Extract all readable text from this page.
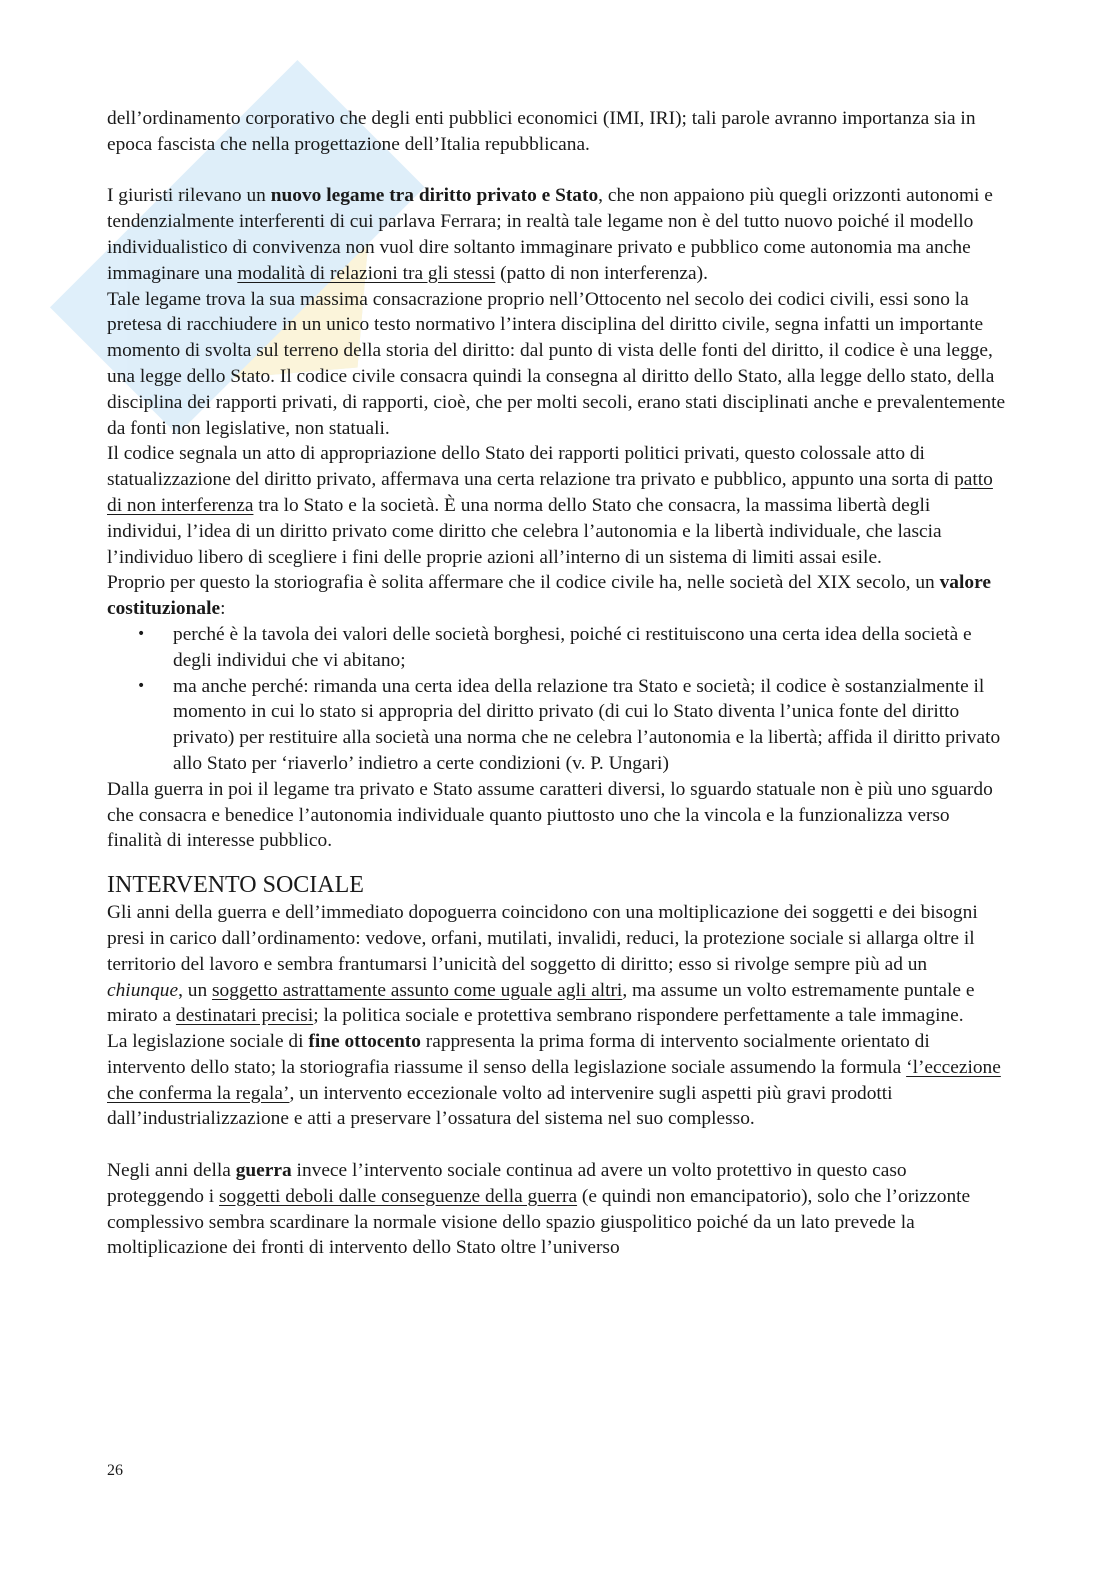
dell’ordinamento corporativo che degli enti pubblici economici (IMI, IRI); tali parole avranno importanza sia in epoca fascista che nella progettazione dell’Italia repubblicana.

I giuristi rilevano un nuovo legame tra diritto privato e Stato, che non appaiono più quegli orizzonti autonomi e tendenzialmente interferenti di cui parlava Ferrara; in realtà tale legame non è del tutto nuovo poiché il modello individualistico di convivenza non vuol dire soltanto immaginare privato e pubblico come autonomia ma anche immaginare una modalità di relazioni tra gli stessi (patto di non interferenza).

Tale legame trova la sua massima consacrazione proprio nell’Ottocento nel secolo dei codici civili, essi sono la pretesa di racchiudere in un unico testo normativo l’intera disciplina del diritto civile, segna infatti un importante momento di svolta sul terreno della storia del diritto: dal punto di vista delle fonti del diritto, il codice è una legge, una legge dello Stato. Il codice civile consacra quindi la consegna al diritto dello Stato, alla legge dello stato, della disciplina dei rapporti privati, di rapporti, cioè, che per molti secoli, erano stati disciplinati anche e prevalentemente da fonti non legislative, non statuali.

Il codice segnala un atto di appropriazione dello Stato dei rapporti politici privati, questo colossale atto di statualizzazione del diritto privato, affermava una certa relazione tra privato e pubblico, appunto una sorta di patto di non interferenza tra lo Stato e la società. È una norma dello Stato che consacra, la massima libertà degli individui, l’idea di un diritto privato come diritto che celebra l’autonomia e la libertà individuale, che lascia l’individuo libero di scegliere i fini delle proprie azioni all’interno di un sistema di limiti assai esile.

Proprio per questo la storiografia è solita affermare che il codice civile ha, nelle società del XIX secolo, un valore costituzionale:

• perché è la tavola dei valori delle società borghesi, poiché ci restituiscono una certa idea della società e degli individui che vi abitano;
• ma anche perché: rimanda una certa idea della relazione tra Stato e società; il codice è sostanzialmente il momento in cui lo stato si appropria del diritto privato (di cui lo Stato diventa l’unica fonte del diritto privato) per restituire alla società una norma che ne celebra l’autonomia e la libertà; affida il diritto privato allo Stato per ‘riaverlo’ indietro a certe condizioni (v. P. Ungari)

Dalla guerra in poi il legame tra privato e Stato assume caratteri diversi, lo sguardo statuale non è più uno sguardo che consacra e benedice l’autonomia individuale quanto piuttosto uno che la vincola e la funzionalizza verso finalità di interesse pubblico.

INTERVENTO SOCIALE

Gli anni della guerra e dell’immediato dopoguerra coincidono con una moltiplicazione dei soggetti e dei bisogni presi in carico dall’ordinamento: vedove, orfani, mutilati, invalidi, reduci, la protezione sociale si allarga oltre il territorio del lavoro e sembra frantumarsi l’unicità del soggetto di diritto; esso si rivolge sempre più ad un chiunque, un soggetto astrattamente assunto come uguale agli altri, ma assume un volto estremamente puntale e mirato a destinatari precisi; la politica sociale e protettiva sembrano rispondere perfettamente a tale immagine.

La legislazione sociale di fine ottocento rappresenta la prima forma di intervento socialmente orientato di intervento dello stato; la storiografia riassume il senso della legislazione sociale assumendo la formula ‘l’eccezione che conferma la regala’, un intervento eccezionale volto ad intervenire sugli aspetti più gravi prodotti dall’industrializzazione e atti a preservare l’ossatura del sistema nel suo complesso.

Negli anni della guerra invece l’intervento sociale continua ad avere un volto protettivo in questo caso proteggendo i soggetti deboli dalle conseguenze della guerra (e quindi non emancipatorio), solo che l’orizzonte complessivo sembra scardinare la normale visione dello spazio giuspolitico poiché da un lato prevede la moltiplicazione dei fronti di intervento dello Stato oltre l’universo

26
